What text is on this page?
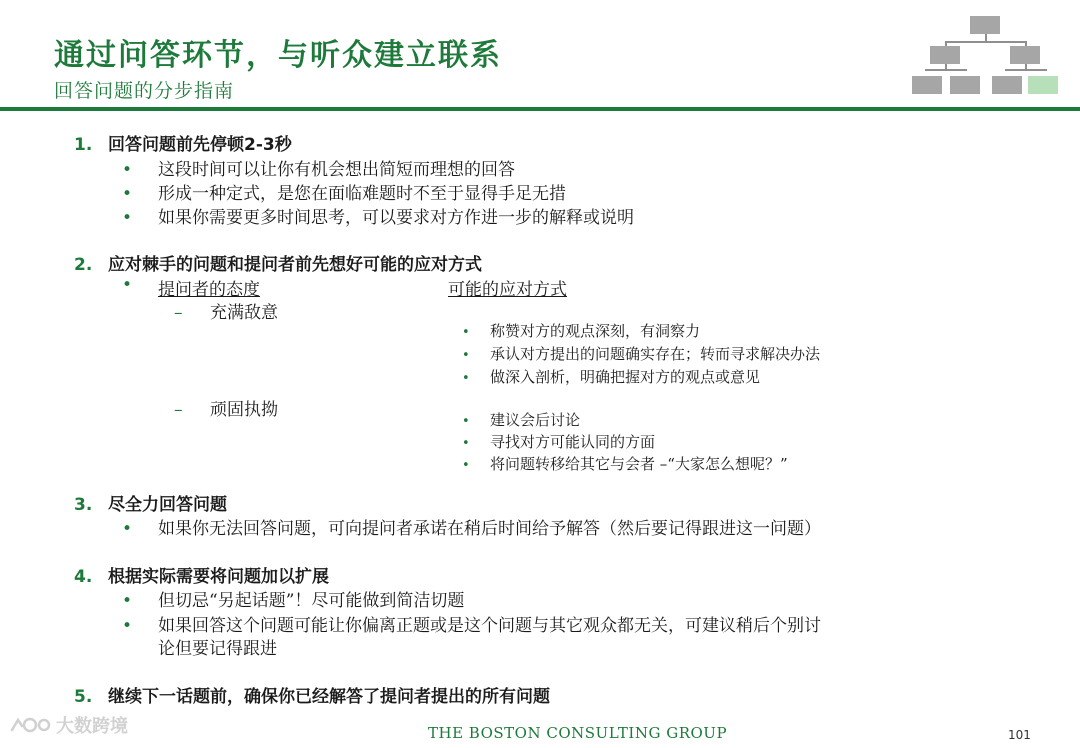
通过问答环节，与听众建立联系
回答问题的分步指南
1. 回答问题前先停顿2-3秒
• 这段时间可以让你有机会想出简短而理想的回答
• 形成一种定式，是您在面临难题时不至于显得手足无措
• 如果你需要更多时间思考，可以要求对方作进一步的解释或说明
2. 应对棘手的问题和提问者前先想好可能的应对方式
•	提问者的态度	可能的应对方式
– 充满敌意
• 称赞对方的观点深刻，有洞察力
• 承认对方提出的问题确实存在；转而寻求解决办法
• 做深入剖析，明确把握对方的观点或意见
– 顽固执拗
• 建议会后讨论
• 寻找对方可能认同的方面
• 将问题转移给其它与会者 –“大家怎么想呢？”
3. 尽全力回答问题
• 如果你无法回答问题，可向提问者承诺在稍后时间给予解答（然后要记得跟进这一问题）
4. 根据实际需要将问题加以扩展
• 但切忌“另起话题”！尽可能做到简洁切题
• 如果回答这个问题可能让你偏离正题或是这个问题与其它观众都无关，可建议稍后个别讨
论但要记得跟进
5. 继续下一话题前，确保你已经解答了提问者提出的所有问题
大数跨境	THE BOSTON CONSULTING GROUP	101
